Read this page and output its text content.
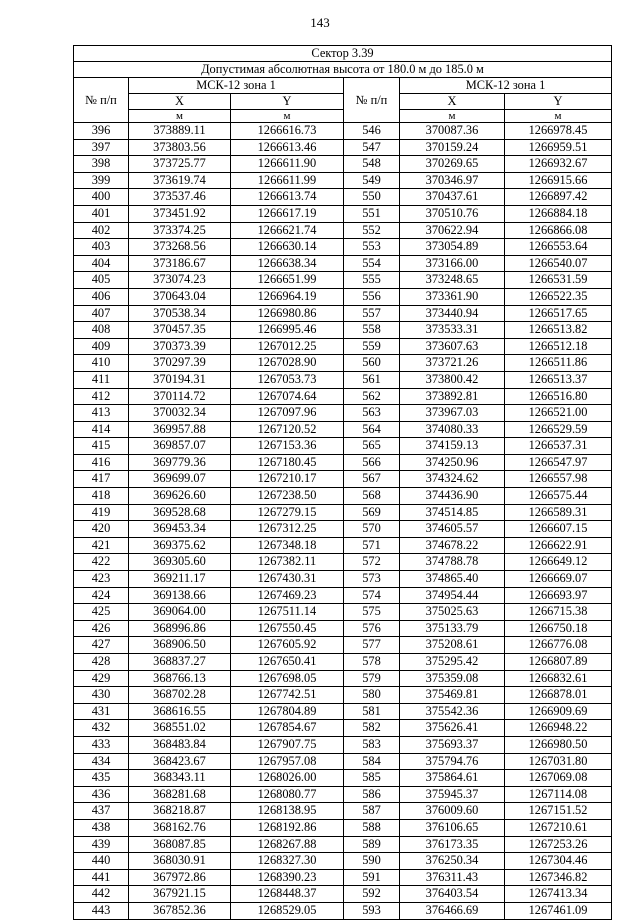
143
Сектор 3.39					
Допустимая абсолютная высота от 180.0 м до 185.0 м					
№ п/п	МСК-12 зона 1		№ п/п	МСК-12 зона 1	
	X	Y		X	Y
	м	м		м	м
396	373889.11	1266616.73	546	370087.36	1266978.45
397	373803.56	1266613.46	547	370159.24	1266959.51
398	373725.77	1266611.90	548	370269.65	1266932.67
399	373619.74	1266611.99	549	370346.97	1266915.66
400	373537.46	1266613.74	550	370437.61	1266897.42
401	373451.92	1266617.19	551	370510.76	1266884.18
402	373374.25	1266621.74	552	370622.94	1266866.08
403	373268.56	1266630.14	553	373054.89	1266553.64
404	373186.67	1266638.34	554	373166.00	1266540.07
405	373074.23	1266651.99	555	373248.65	1266531.59
406	370643.04	1266964.19	556	373361.90	1266522.35
407	370538.34	1266980.86	557	373440.94	1266517.65
408	370457.35	1266995.46	558	373533.31	1266513.82
409	370373.39	1267012.25	559	373607.63	1266512.18
410	370297.39	1267028.90	560	373721.26	1266511.86
411	370194.31	1267053.73	561	373800.42	1266513.37
412	370114.72	1267074.64	562	373892.81	1266516.80
413	370032.34	1267097.96	563	373967.03	1266521.00
414	369957.88	1267120.52	564	374080.33	1266529.59
415	369857.07	1267153.36	565	374159.13	1266537.31
416	369779.36	1267180.45	566	374250.96	1266547.97
417	369699.07	1267210.17	567	374324.62	1266557.98
418	369626.60	1267238.50	568	374436.90	1266575.44
419	369528.68	1267279.15	569	374514.85	1266589.31
420	369453.34	1267312.25	570	374605.57	1266607.15
421	369375.62	1267348.18	571	374678.22	1266622.91
422	369305.60	1267382.11	572	374788.78	1266649.12
423	369211.17	1267430.31	573	374865.40	1266669.07
424	369138.66	1267469.23	574	374954.44	1266693.97
425	369064.00	1267511.14	575	375025.63	1266715.38
426	368996.86	1267550.45	576	375133.79	1266750.18
427	368906.50	1267605.92	577	375208.61	1266776.08
428	368837.27	1267650.41	578	375295.42	1266807.89
429	368766.13	1267698.05	579	375359.08	1266832.61
430	368702.28	1267742.51	580	375469.81	1266878.01
431	368616.55	1267804.89	581	375542.36	1266909.69
432	368551.02	1267854.67	582	375626.41	1266948.22
433	368483.84	1267907.75	583	375693.37	1266980.50
434	368423.67	1267957.08	584	375794.76	1267031.80
435	368343.11	1268026.00	585	375864.61	1267069.08
436	368281.68	1268080.77	586	375945.37	1267114.08
437	368218.87	1268138.95	587	376009.60	1267151.52
438	368162.76	1268192.86	588	376106.65	1267210.61
439	368087.85	1268267.88	589	376173.35	1267253.26
440	368030.91	1268327.30	590	376250.34	1267304.46
441	367972.86	1268390.23	591	376311.43	1267346.82
442	367921.15	1268448.37	592	376403.54	1267413.34
443	367852.36	1268529.05	593	376466.69	1267461.09
